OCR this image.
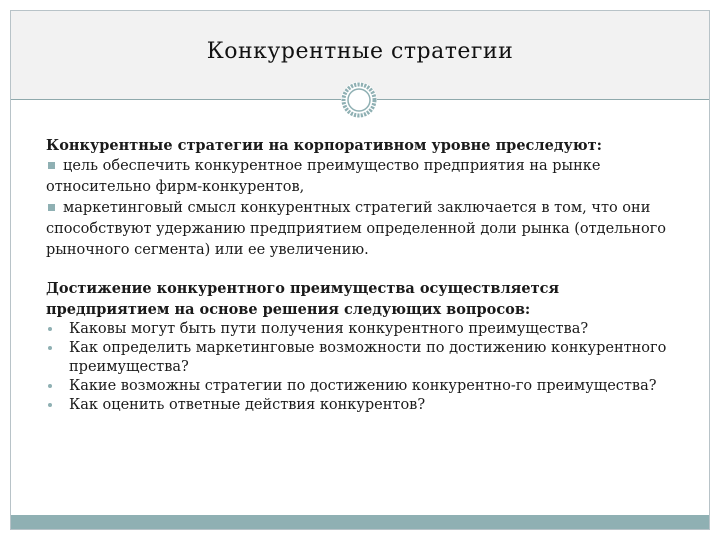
Конкурентные стратегии

Конкурентные стратегии на корпоративном уровне преследуют:

цель обеспечить конкурентное преимущество предприятия на рынке относительно фирм-конкурентов,

маркетинговый смысл конкурентных стратегий заключается в том, что они способствуют удержанию предприятием определенной доли рынка (отдельного рыночного сегмента) или ее увеличению.

Достижение конкурентного преимущества осуществляется предприятием на основе решения следующих вопросов:

Каковы могут быть пути получения конкурентного преимущества?
Как определить маркетинговые возможности по достижению конкурентного преимущества?
Какие возможны стратегии по достижению конкурентно-го преимущества?
Как оценить ответные действия конкурентов?
